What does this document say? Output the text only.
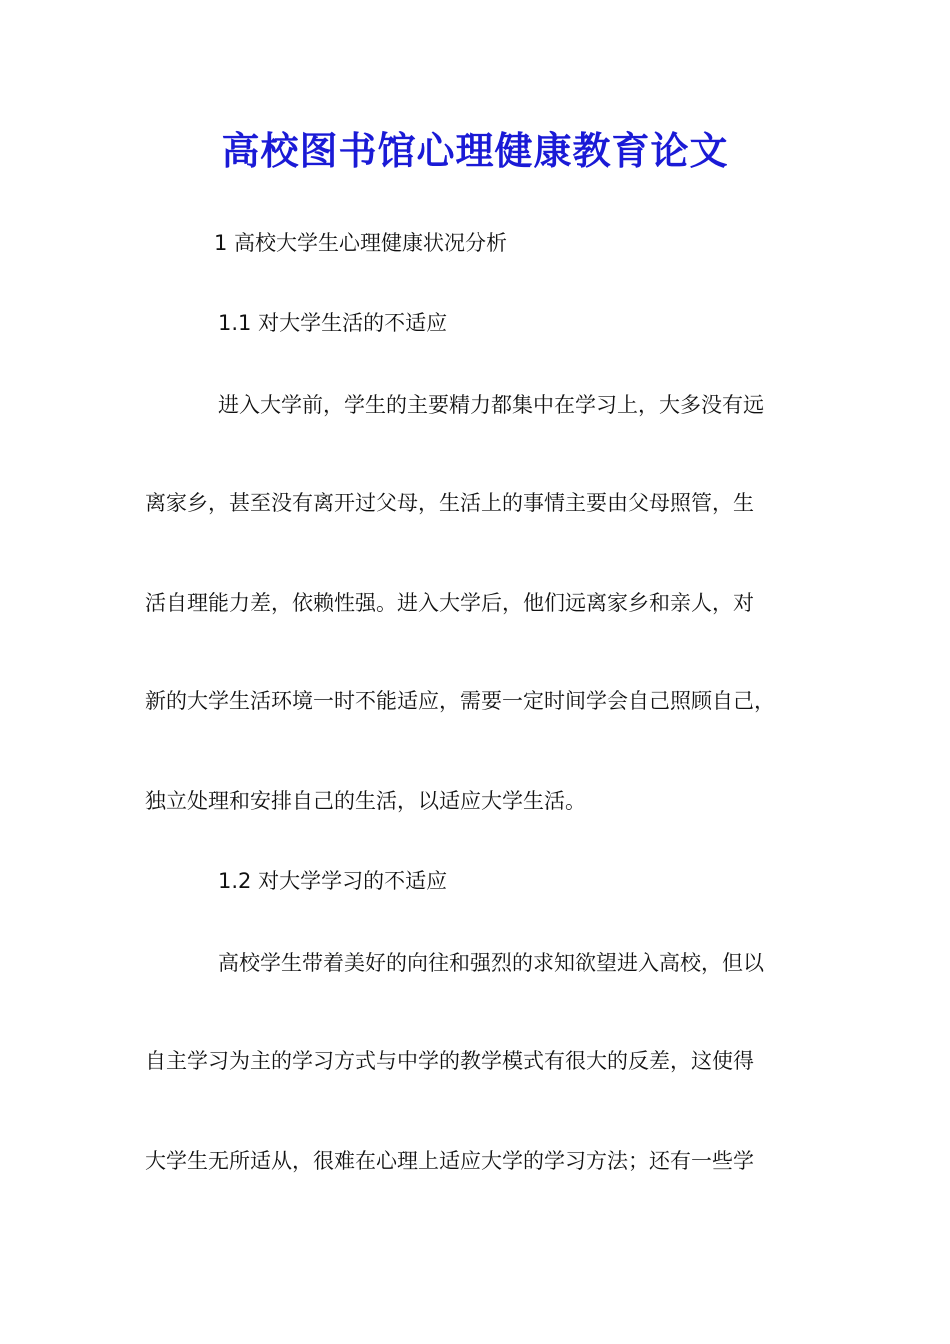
高校图书馆心理健康教育论文

1 高校大学生心理健康状况分析

1.1 对大学生活的不适应

进入大学前，学生的主要精力都集中在学习上，大多没有远

离家乡，甚至没有离开过父母，生活上的事情主要由父母照管，生

活自理能力差，依赖性强。进入大学后，他们远离家乡和亲人，对

新的大学生活环境一时不能适应，需要一定时间学会自己照顾自己，

独立处理和安排自己的生活，以适应大学生活。

1.2 对大学学习的不适应

高校学生带着美好的向往和强烈的求知欲望进入高校，但以

自主学习为主的学习方式与中学的教学模式有很大的反差，这使得

大学生无所适从，很难在心理上适应大学的学习方法；还有一些学
